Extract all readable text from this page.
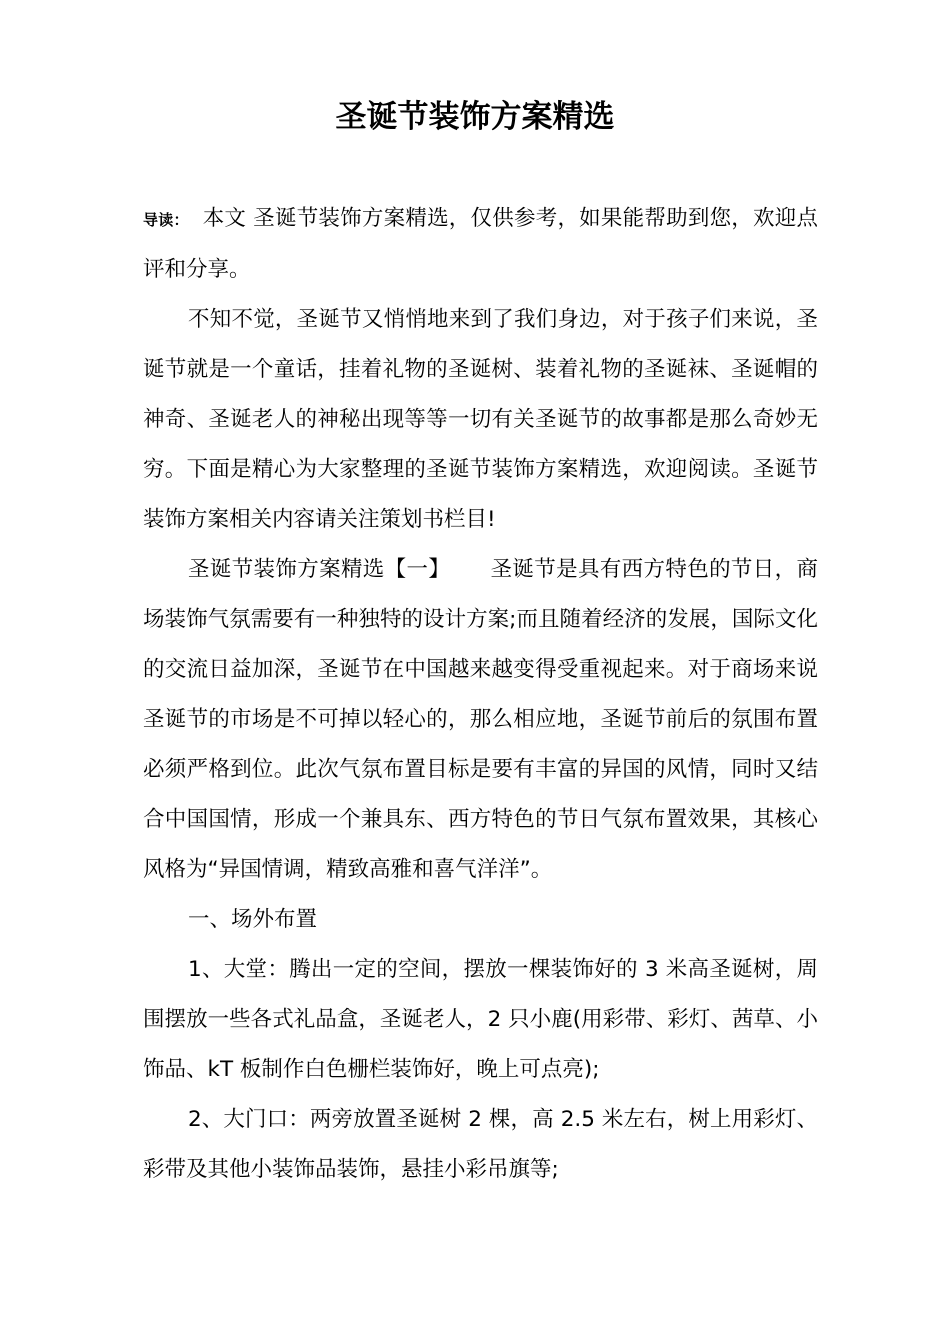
圣诞节装饰方案精选

导读： 本文 圣诞节装饰方案精选，仅供参考，如果能帮助到您，欢迎点评和分享。

不知不觉，圣诞节又悄悄地来到了我们身边，对于孩子们来说，圣诞节就是一个童话，挂着礼物的圣诞树、装着礼物的圣诞袜、圣诞帽的神奇、圣诞老人的神秘出现等等一切有关圣诞节的故事都是那么奇妙无穷。下面是精心为大家整理的圣诞节装饰方案精选，欢迎阅读。圣诞节装饰方案相关内容请关注策划书栏目!

圣诞节装饰方案精选【一】 圣诞节是具有西方特色的节日，商场装饰气氛需要有一种独特的设计方案;而且随着经济的发展，国际文化的交流日益加深，圣诞节在中国越来越变得受重视起来。对于商场来说圣诞节的市场是不可掉以轻心的，那么相应地，圣诞节前后的氛围布置必须严格到位。此次气氛布置目标是要有丰富的异国的风情，同时又结合中国国情，形成一个兼具东、西方特色的节日气氛布置效果，其核心风格为“异国情调，精致高雅和喜气洋洋”。

一、场外布置

1、大堂：腾出一定的空间，摆放一棵装饰好的 3 米高圣诞树，周围摆放一些各式礼品盒，圣诞老人，2 只小鹿(用彩带、彩灯、茜草、小饰品、kT 板制作白色栅栏装饰好，晚上可点亮);

2、大门口：两旁放置圣诞树 2 棵，高 2.5 米左右，树上用彩灯、彩带及其他小装饰品装饰，悬挂小彩吊旗等;
